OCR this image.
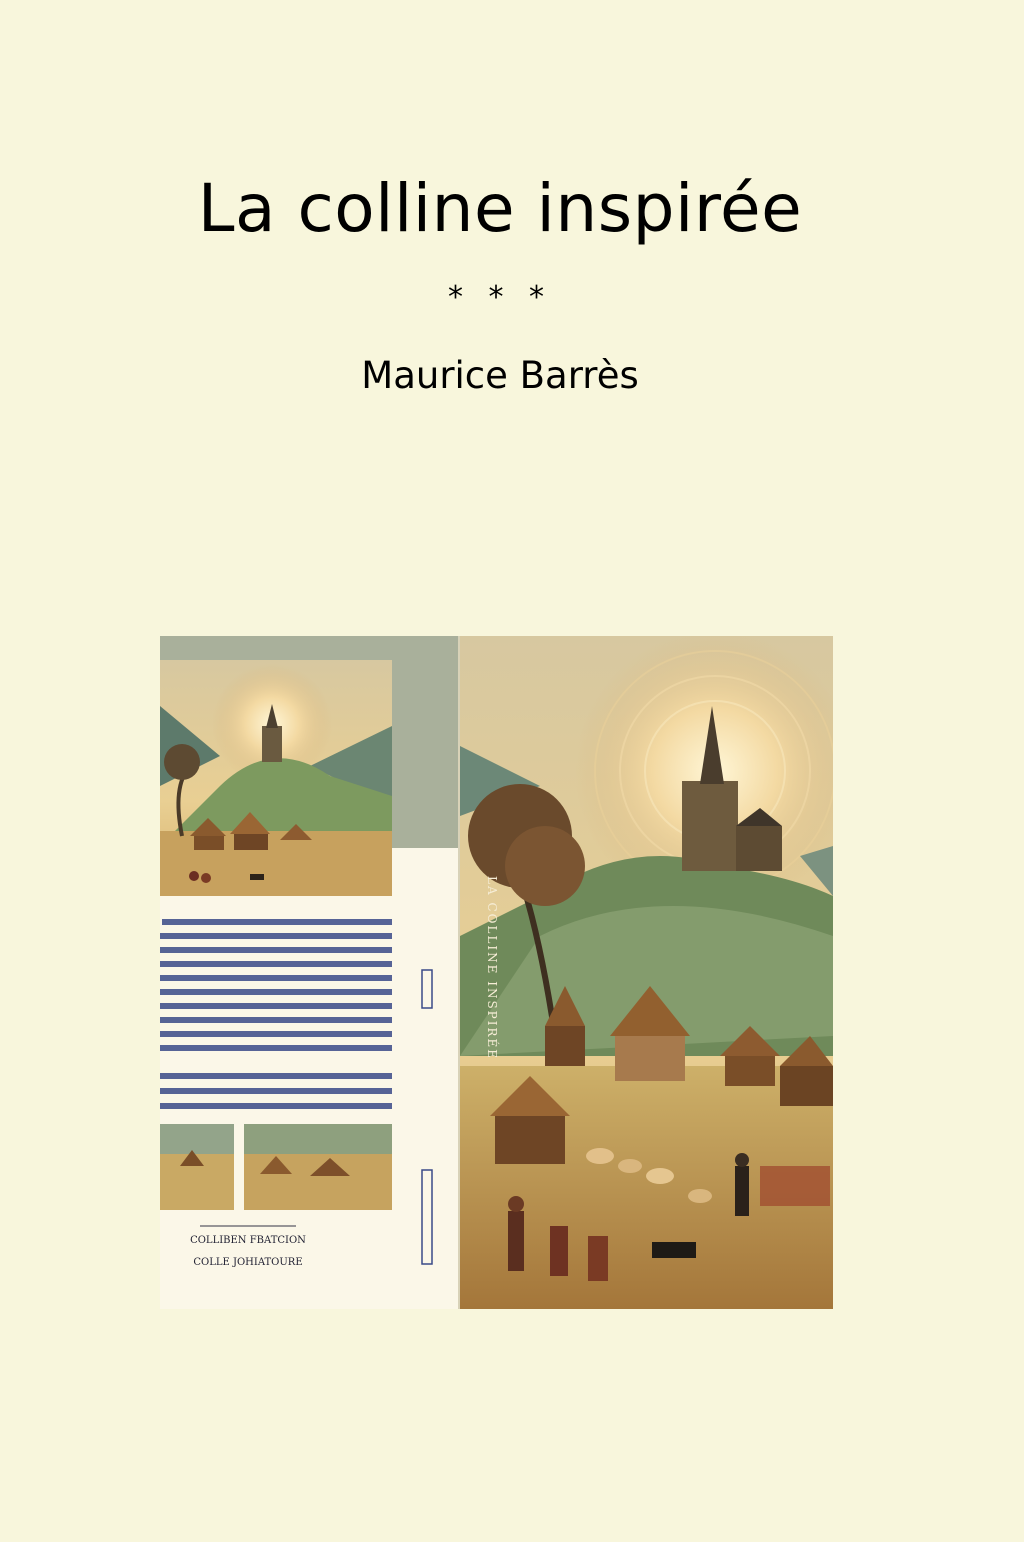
La colline inspirée
* * *
Maurice Barrès
COLLIBEN FBATCION
COLLE JOHIATOURE
LA COLLINE INSPIRÉE
